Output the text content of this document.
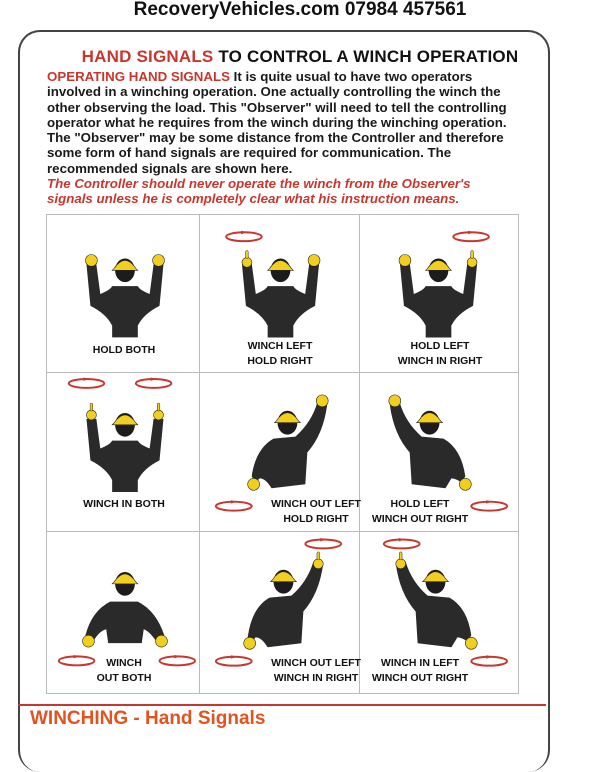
RecoveryVehicles.com 07984 457561
HAND SIGNALS TO CONTROL A WINCH OPERATION
OPERATING HAND SIGNALS It is quite usual to have two operators involved in a winching operation. One actually controlling the winch the other observing the load. This "Observer" will need to tell the controlling operator what he requires from the winch during the winching operation. The "Observer" may be some distance from the Controller and therefore some form of hand signals are required for communication. The recommended signals are shown here.
The Controller should never operate the winch from the Observer's signals unless he is completely clear what his instruction means.
HOLD BOTH	WINCH LEFT
HOLD RIGHT
HOLD LEFT
WINCH IN RIGHT
WINCH IN BOTH	WINCH OUT LEFT
HOLD RIGHT
HOLD LEFT
WINCH OUT RIGHT
WINCH
OUT BOTH
WINCH OUT LEFT
WINCH IN RIGHT
WINCH IN LEFT
WINCH OUT RIGHT
WINCHING - Hand Signals
